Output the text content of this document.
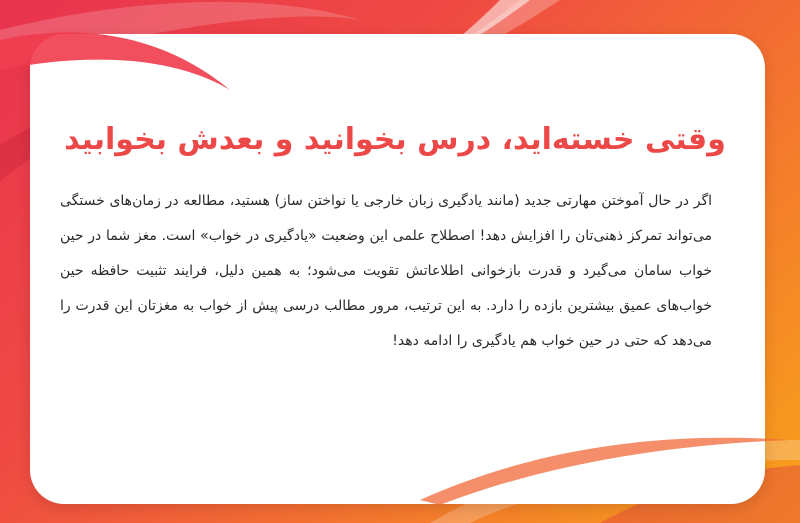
وقتی خسته‌اید، درس بخوانید و بعدش بخوابید

اگر در حال آموختن مهارتی جدید (مانند یادگیری زبان خارجی یا نواختن ساز) هستید، مطالعه در زمان‌های خستگی می‌تواند تمرکز ذهنی‌تان را افزایش دهد! اصطلاح علمی این وضعیت «یادگیری در خواب» است. مغز شما در حین خواب سامان می‌گیرد و قدرت بازخوانی اطلاعاتش تقویت می‌شود؛ به همین دلیل، فرایند تثبیت حافظه حین خواب‌های عمیق بیشترین بازده را دارد. به این ترتیب، مرور مطالب درسی پیش از خواب به مغزتان این قدرت را می‌دهد که حتی در حین خواب هم یادگیری را ادامه دهد!
